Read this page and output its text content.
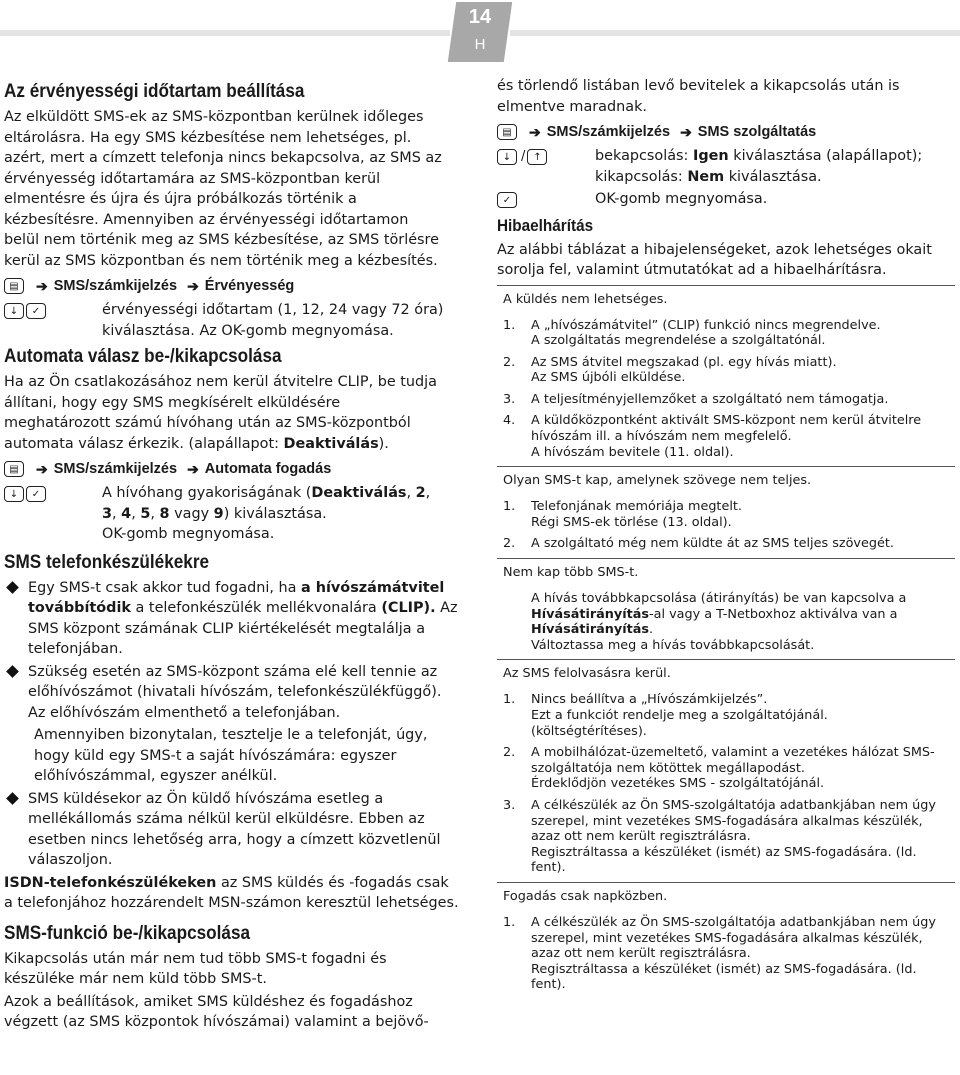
14
H
Az érvényességi időtartam beállítása
Az elküldött SMS-ek az SMS-központban kerülnek időleges
eltárolásra. Ha egy SMS kézbesítése nem lehetséges, pl.
azért, mert a címzett telefonja nincs bekapcsolva, az SMS az
érvényesség időtartamára az SMS-központban kerül
elmentésre és újra és újra próbálkozás történik a
kézbesítésre. Amennyiben az érvényességi időtartamon
belül nem történik meg az SMS kézbesítése, az SMS törlésre
kerül az SMS központban és nem történik meg a kézbesítés.
▤	➔ SMS/számkijelzés ➔ Érvényesség
↓	✓	érvényességi időtartam (1, 12, 24 vagy 72 óra)
kiválasztása. Az OK-gomb megnyomása.
Automata válasz be-/kikapcsolása
Ha az Ön csatlakozásához nem kerül átvitelre CLIP, be tudja
állítani, hogy egy SMS megkísérelt elküldésére
meghatározott számú hívóhang után az SMS-központból
automata válasz érkezik. (alapállapot: Deaktiválás).
▤	➔ SMS/számkijelzés ➔ Automata fogadás
↓	✓	A hívóhang gyakoriságának (Deaktiválás, 2,
3, 4, 5, 8 vagy 9) kiválasztása.
OK-gomb megnyomása.
SMS telefonkészülékekre
Egy SMS-t csak akkor tud fogadni, ha a hívószámátvitel továbbítódik a telefonkészülék mellékvonalára (CLIP). Az SMS központ számának CLIP kiértékelését megtalálja a telefonjában.
Szükség esetén az SMS-központ száma elé kell tennie az előhívószámot (hivatali hívószám, telefonkészülékfüggő). Az előhívószám elmenthető a telefonjában.
Amennyiben bizonytalan, tesztelje le a telefonját, úgy, hogy küld egy SMS-t a saját hívószámára: egyszer előhívószámmal, egyszer anélkül.
SMS küldésekor az Ön küldő hívószáma esetleg a mellékállomás száma nélkül kerül elküldésre. Ebben az esetben nincs lehetőség arra, hogy a címzett közvetlenül válaszoljon.

ISDN-telefonkészülékeken az SMS küldés és -fogadás csak a telefonjához hozzárendelt MSN-számon keresztül lehetséges.

SMS-funkció be-/kikapcsolása

Kikapcsolás után már nem tud több SMS-t fogadni és készüléke már nem küld több SMS-t.

Azok a beállítások, amiket SMS küldéshez és fogadáshoz végzett (az SMS központok hívószámai) valamint a bejövő-

és törlendő listában levő bevitelek a kikapcsolás után is
elmentve maradnak.
▤	➔ SMS/számkijelzés ➔ SMS szolgáltatás
↓ / ↑	bekapcsolás: Igen kiválasztása (alapállapot);
kikapcsolás: Nem kiválasztása.
✓	OK-gomb megnyomása.
Hibaelhárítás
Az alábbi táblázat a hibajelenségeket, azok lehetséges okait
sorolja fel, valamint útmutatókat ad a hibaelhárításra.
A küldés nem lehetséges.
1.	A „hívószámátvitel” (CLIP) funkció nincs megrendelve.
A szolgáltatás megrendelése a szolgáltatónál.
2.	Az SMS átvitel megszakad (pl. egy hívás miatt).
Az SMS újbóli elküldése.
3.	A teljesítményjellemzőket a szolgáltató nem támogatja.
4.	A küldőközpontként aktivált SMS-központ nem kerül átvitelre
hívószám ill. a hívószám nem megfelelő.
A hívószám bevitele (11. oldal).
Olyan SMS-t kap, amelynek szövege nem teljes.
1.	Telefonjának memóriája megtelt.
Régi SMS-ek törlése (13. oldal).
2.	A szolgáltató még nem küldte át az SMS teljes szövegét.
Nem kap több SMS-t.
A hívás továbbkapcsolása (átirányítás) be van kapcsolva a
Hívásátirányítás-al vagy a T-Netboxhoz aktiválva van a
Hívásátirányítás.
Változtassa meg a hívás továbbkapcsolását.
Az SMS felolvasásra kerül.
1.	Nincs beállítva a „Hívószámkijelzés”.
Ezt a funkciót rendelje meg a szolgáltatójánál.
(költségtérítéses).
2.	A mobilhálózat-üzemeltető, valamint a vezetékes hálózat SMS-
szolgáltatója nem kötöttek megállapodást.
Érdeklődjön vezetékes SMS - szolgáltatójánál.
3.	A célkészülék az Ön SMS-szolgáltatója adatbankjában nem úgy
szerepel, mint vezetékes SMS-fogadására alkalmas készülék,
azaz ott nem került regisztrálásra.
Regisztráltassa a készüléket (ismét) az SMS-fogadására. (ld.
fent).
Fogadás csak napközben.
1.	A célkészülék az Ön SMS-szolgáltatója adatbankjában nem úgy
szerepel, mint vezetékes SMS-fogadására alkalmas készülék,
azaz ott nem került regisztrálásra.
Regisztráltassa a készüléket (ismét) az SMS-fogadására. (ld.
fent).
